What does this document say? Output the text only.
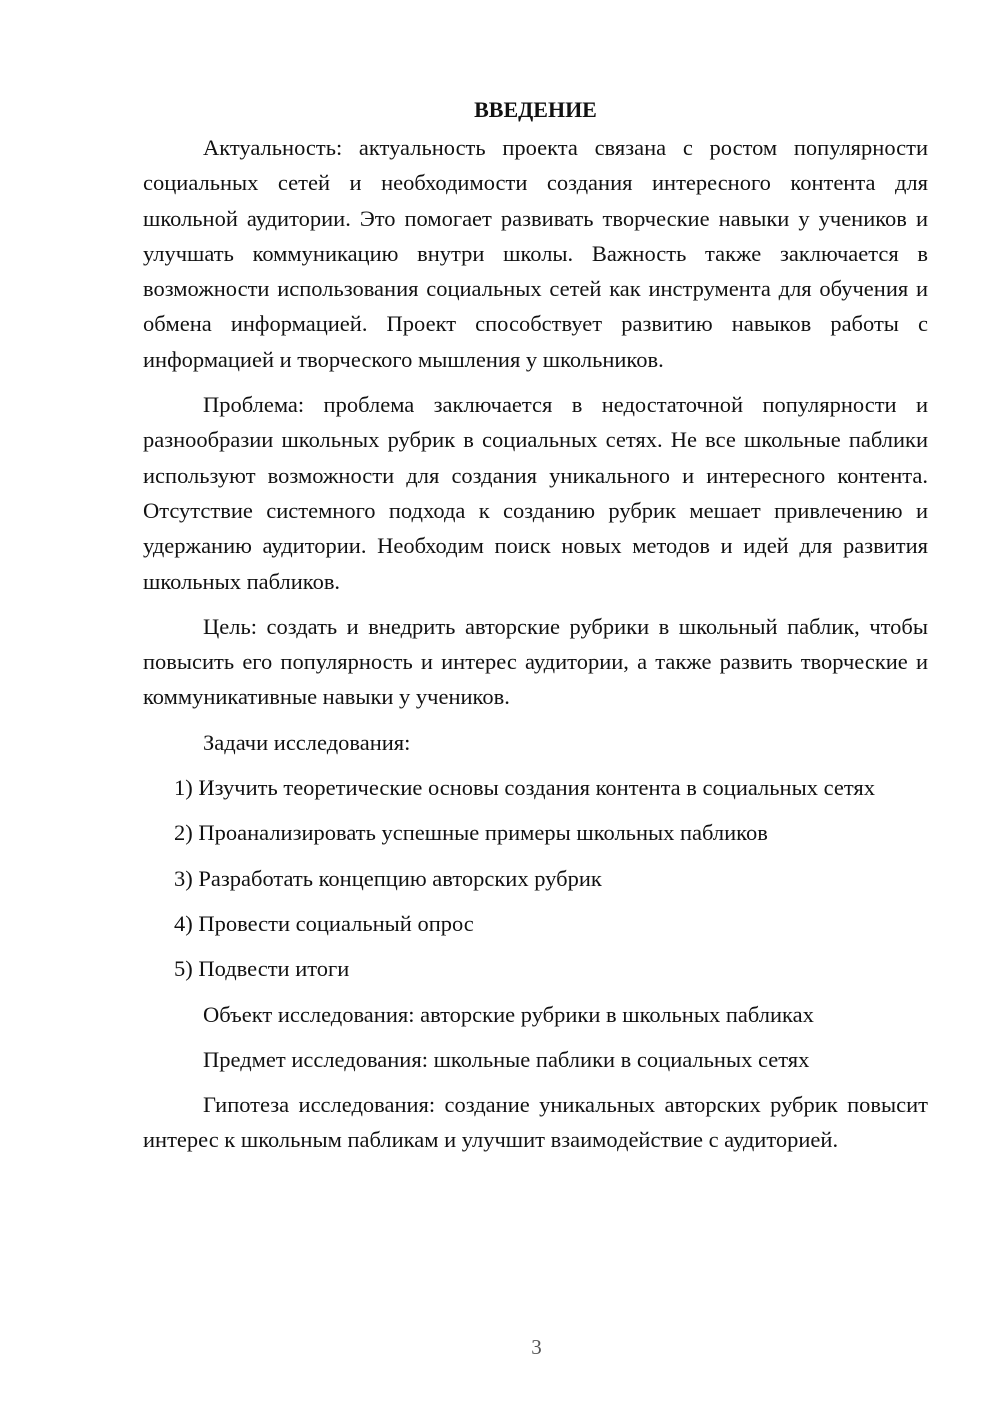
ВВЕДЕНИЕ

Актуальность: актуальность проекта связана с ростом популярности социальных сетей и необходимости создания интересного контента для школьной аудитории. Это помогает развивать творческие навыки у учеников и улучшать коммуникацию внутри школы. Важность также заключается в возможности использования социальных сетей как инструмента для обучения и обмена информацией. Проект способствует развитию навыков работы с информацией и творческого мышления у школьников.

Проблема: проблема заключается в недостаточной популярности и разнообразии школьных рубрик в социальных сетях. Не все школьные паблики используют возможности для создания уникального и интересного контента. Отсутствие системного подхода к созданию рубрик мешает привлечению и удержанию аудитории. Необходим поиск новых методов и идей для развития школьных пабликов.

Цель: создать и внедрить авторские рубрики в школьный паблик, чтобы повысить его популярность и интерес аудитории, а также развить творческие и коммуникативные навыки у учеников.

Задачи исследования:

1) Изучить теоретические основы создания контента в социальных сетях

2) Проанализировать успешные примеры школьных пабликов

3) Разработать концепцию авторских рубрик

4) Провести социальный опрос

5) Подвести итоги

Объект исследования: авторские рубрики в школьных пабликах

Предмет исследования: школьные паблики в социальных сетях

Гипотеза исследования: создание уникальных авторских рубрик повысит интерес к школьным пабликам и улучшит взаимодействие с аудиторией.

3
